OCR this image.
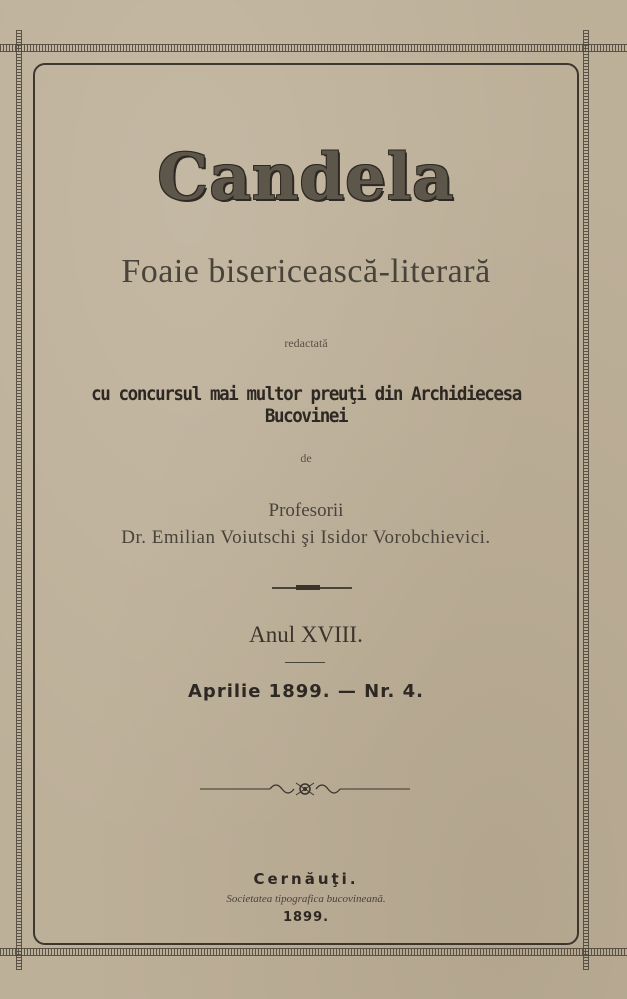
Candela
Foaie bisericească-literară
redactată
cu concursul mai multor preuţi din Archidiecesa Bucovinei
de
Profesorii
Dr. Emilian Voiutschi şi Isidor Vorobchievici.
Anul XVIII.
Aprilie 1899. — Nr. 4.
Cernăuţi.
Societatea tipografica bucovineană.
1899.
